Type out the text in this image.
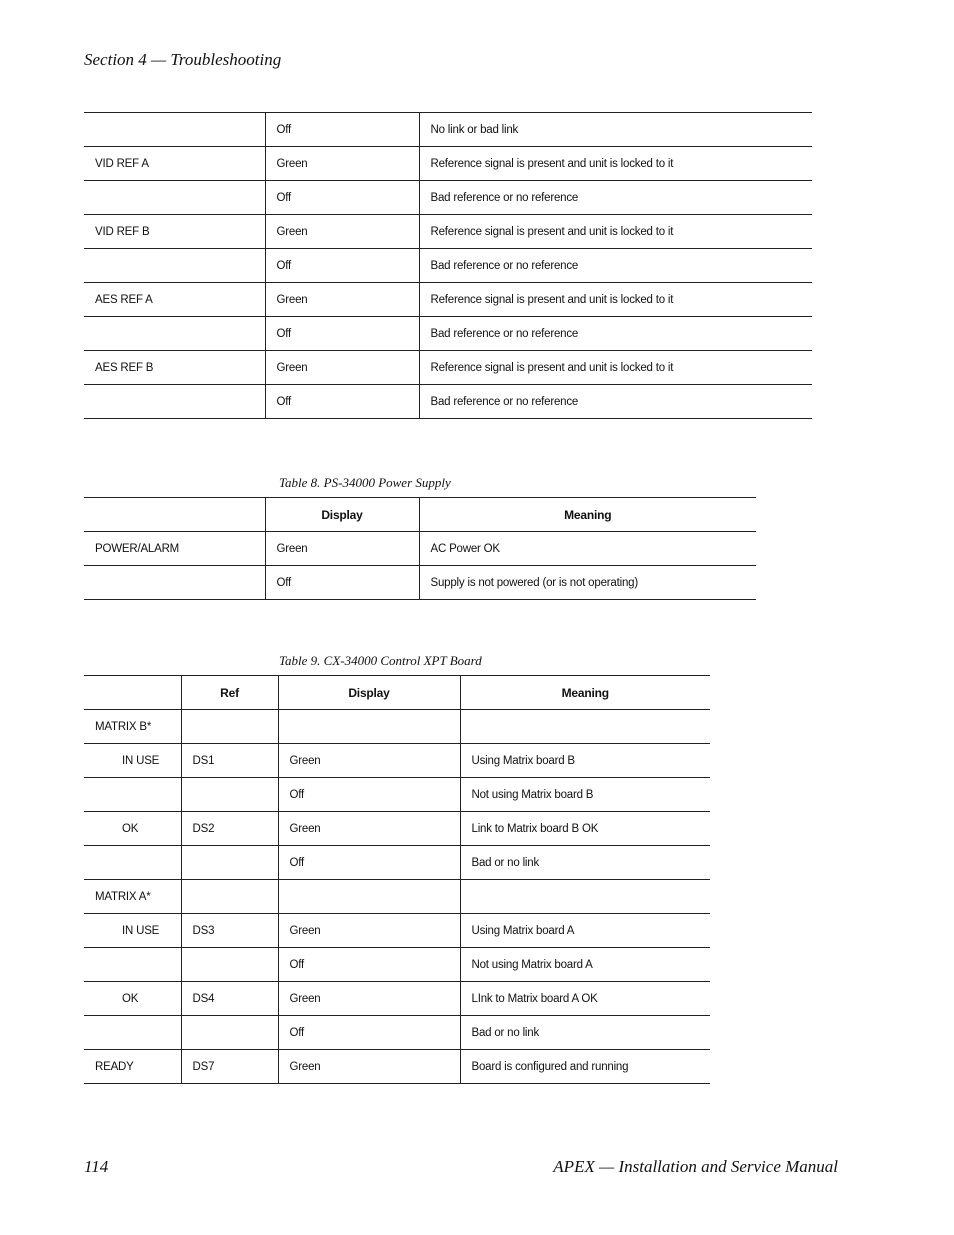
Section 4 — Troubleshooting
	Off	No link or bad link
VID REF A	Green	Reference signal is present and unit is locked to it
	Off	Bad reference or no reference
VID REF B	Green	Reference signal is present and unit is locked to it
	Off	Bad reference or no reference
AES REF A	Green	Reference signal is present and unit is locked to it
	Off	Bad reference or no reference
AES REF B	Green	Reference signal is present and unit is locked to it
	Off	Bad reference or no reference
Table 8. PS-34000 Power Supply
	Display	Meaning
POWER/ALARM	Green	AC Power OK
	Off	Supply is not powered (or is not operating)
Table 9. CX-34000 Control XPT Board
	Ref	Display	Meaning
MATRIX B*			
IN USE	DS1	Green	Using Matrix board B
		Off	Not using Matrix board B
OK	DS2	Green	Link to Matrix board B OK
		Off	Bad or no link
MATRIX A*			
IN USE	DS3	Green	Using Matrix board A
		Off	Not using Matrix board A
OK	DS4	Green	LInk to Matrix board A OK
		Off	Bad or no link
READY	DS7	Green	Board is configured and running
114	APEX — Installation and Service Manual
